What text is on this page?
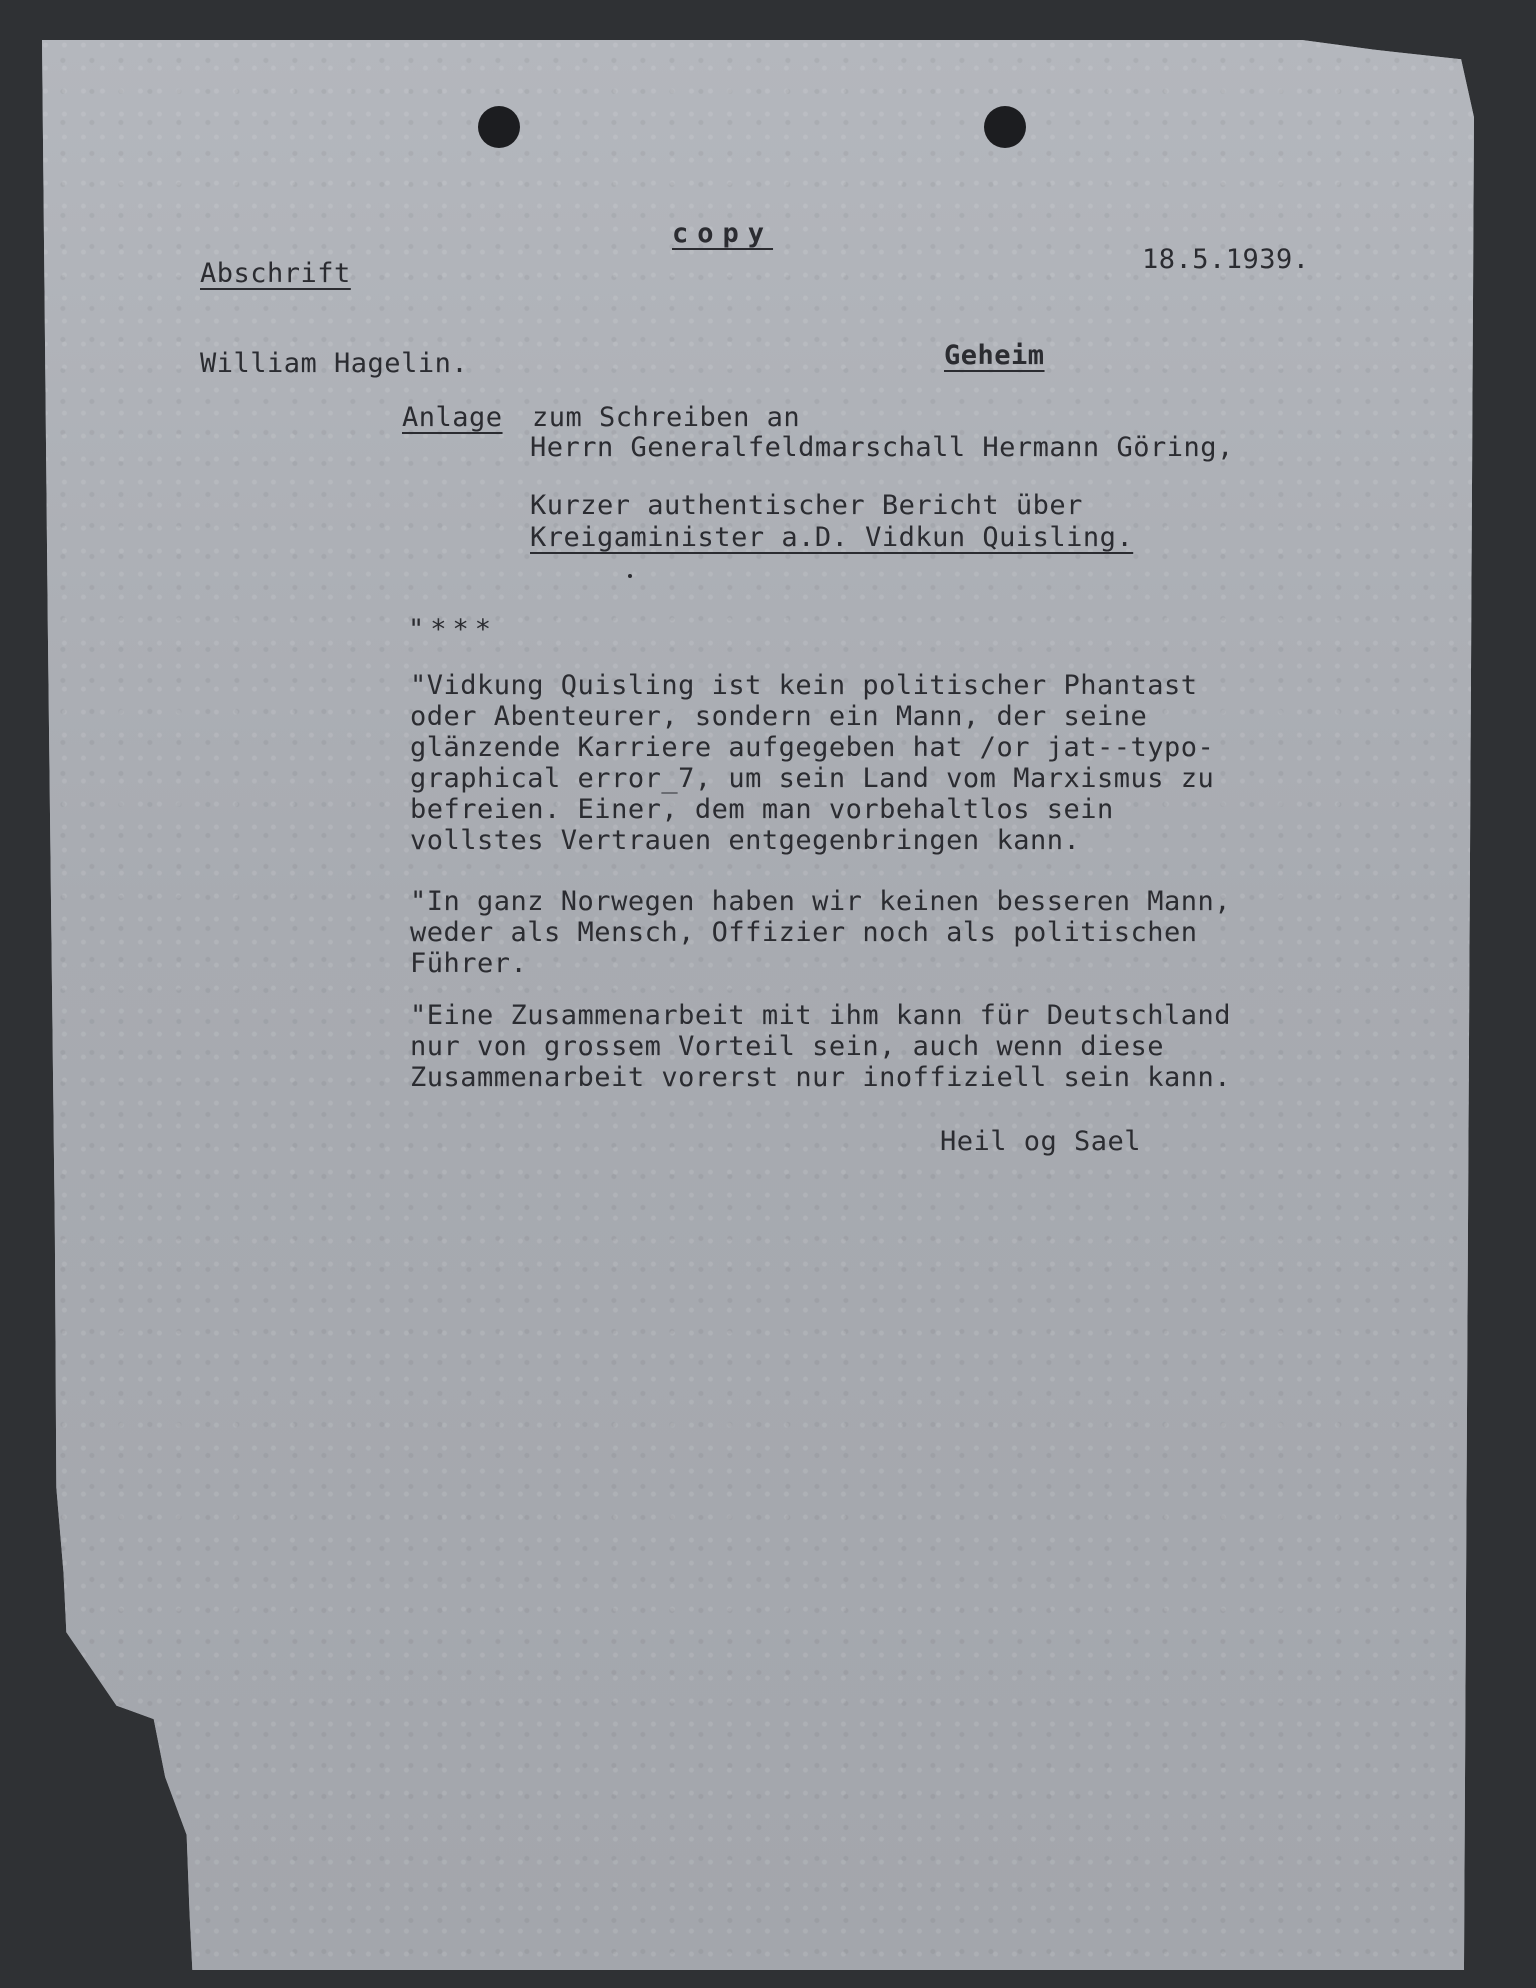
copy
18.5.1939.
Abschrift
William Hagelin.	Geheim
Anlage zum Schreiben an
Herrn Generalfeldmarschall Hermann Göring,
Kurzer authentischer Bericht über
Kreigaminister a.D. Vidkun Quisling.
"***
"Vidkung Quisling ist kein politischer Phantast
oder Abenteurer, sondern ein Mann, der seine
glänzende Karriere aufgegeben hat /or jat--typo-
graphical error_7, um sein Land vom Marxismus zu
befreien. Einer, dem man vorbehaltlos sein
vollstes Vertrauen entgegenbringen kann.
"In ganz Norwegen haben wir keinen besseren Mann,
weder als Mensch, Offizier noch als politischen
Führer.
"Eine Zusammenarbeit mit ihm kann für Deutschland
nur von grossem Vorteil sein, auch wenn diese
Zusammenarbeit vorerst nur inoffiziell sein kann.
Heil og Sael
